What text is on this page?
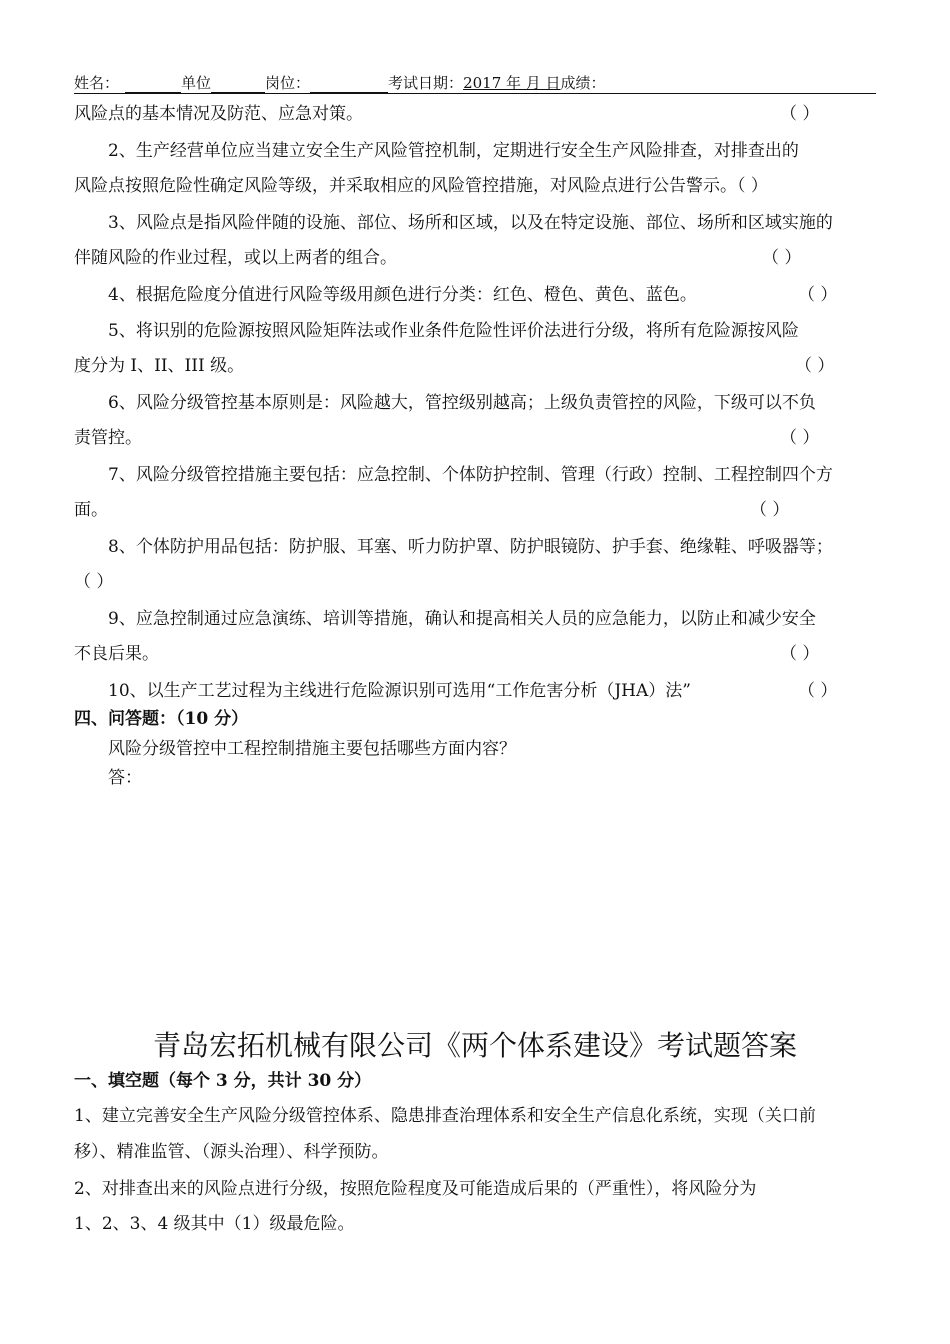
姓名：	单位	岗位：	考试日期：2017 年 月 日成绩：
风险点的基本情况及防范、应急对策。	（ ）
2、生产经营单位应当建立安全生产风险管控机制，定期进行安全生产风险排查，对排查出的
风险点按照危险性确定风险等级，并采取相应的风险管控措施，对风险点进行公告警示。（ ）
3、风险点是指风险伴随的设施、部位、场所和区域，以及在特定设施、部位、场所和区域实施的
伴随风险的作业过程，或以上两者的组合。	（ ）
4、根据危险度分值进行风险等级用颜色进行分类：红色、橙色、黄色、蓝色。	（ ）
5、将识别的危险源按照风险矩阵法或作业条件危险性评价法进行分级，将所有危险源按风险
度分为 I、II、III 级。	（ ）
6、风险分级管控基本原则是：风险越大，管控级别越高；上级负责管控的风险，下级可以不负
责管控。	（ ）
7、风险分级管控措施主要包括：应急控制、个体防护控制、管理（行政）控制、工程控制四个方
面。	（ ）
8、个体防护用品包括：防护服、耳塞、听力防护罩、防护眼镜防、护手套、绝缘鞋、呼吸器等；
（ ）
9、应急控制通过应急演练、培训等措施，确认和提高相关人员的应急能力，以防止和减少安全
不良后果。	（ ）
10、以生产工艺过程为主线进行危险源识别可选用“工作危害分析（JHA）法”	（ ）
四、问答题：（10 分）
风险分级管控中工程控制措施主要包括哪些方面内容？
答：
青岛宏拓机械有限公司《两个体系建设》考试题答案
一、填空题（每个 3 分，共计 30 分）
1、建立完善安全生产风险分级管控体系、隐患排查治理体系和安全生产信息化系统，实现（关口前
移）、精准监管、（源头治理）、科学预防。
2、对排查出来的风险点进行分级，按照危险程度及可能造成后果的（严重性），将风险分为
1、2、3、4 级其中（1）级最危险。
